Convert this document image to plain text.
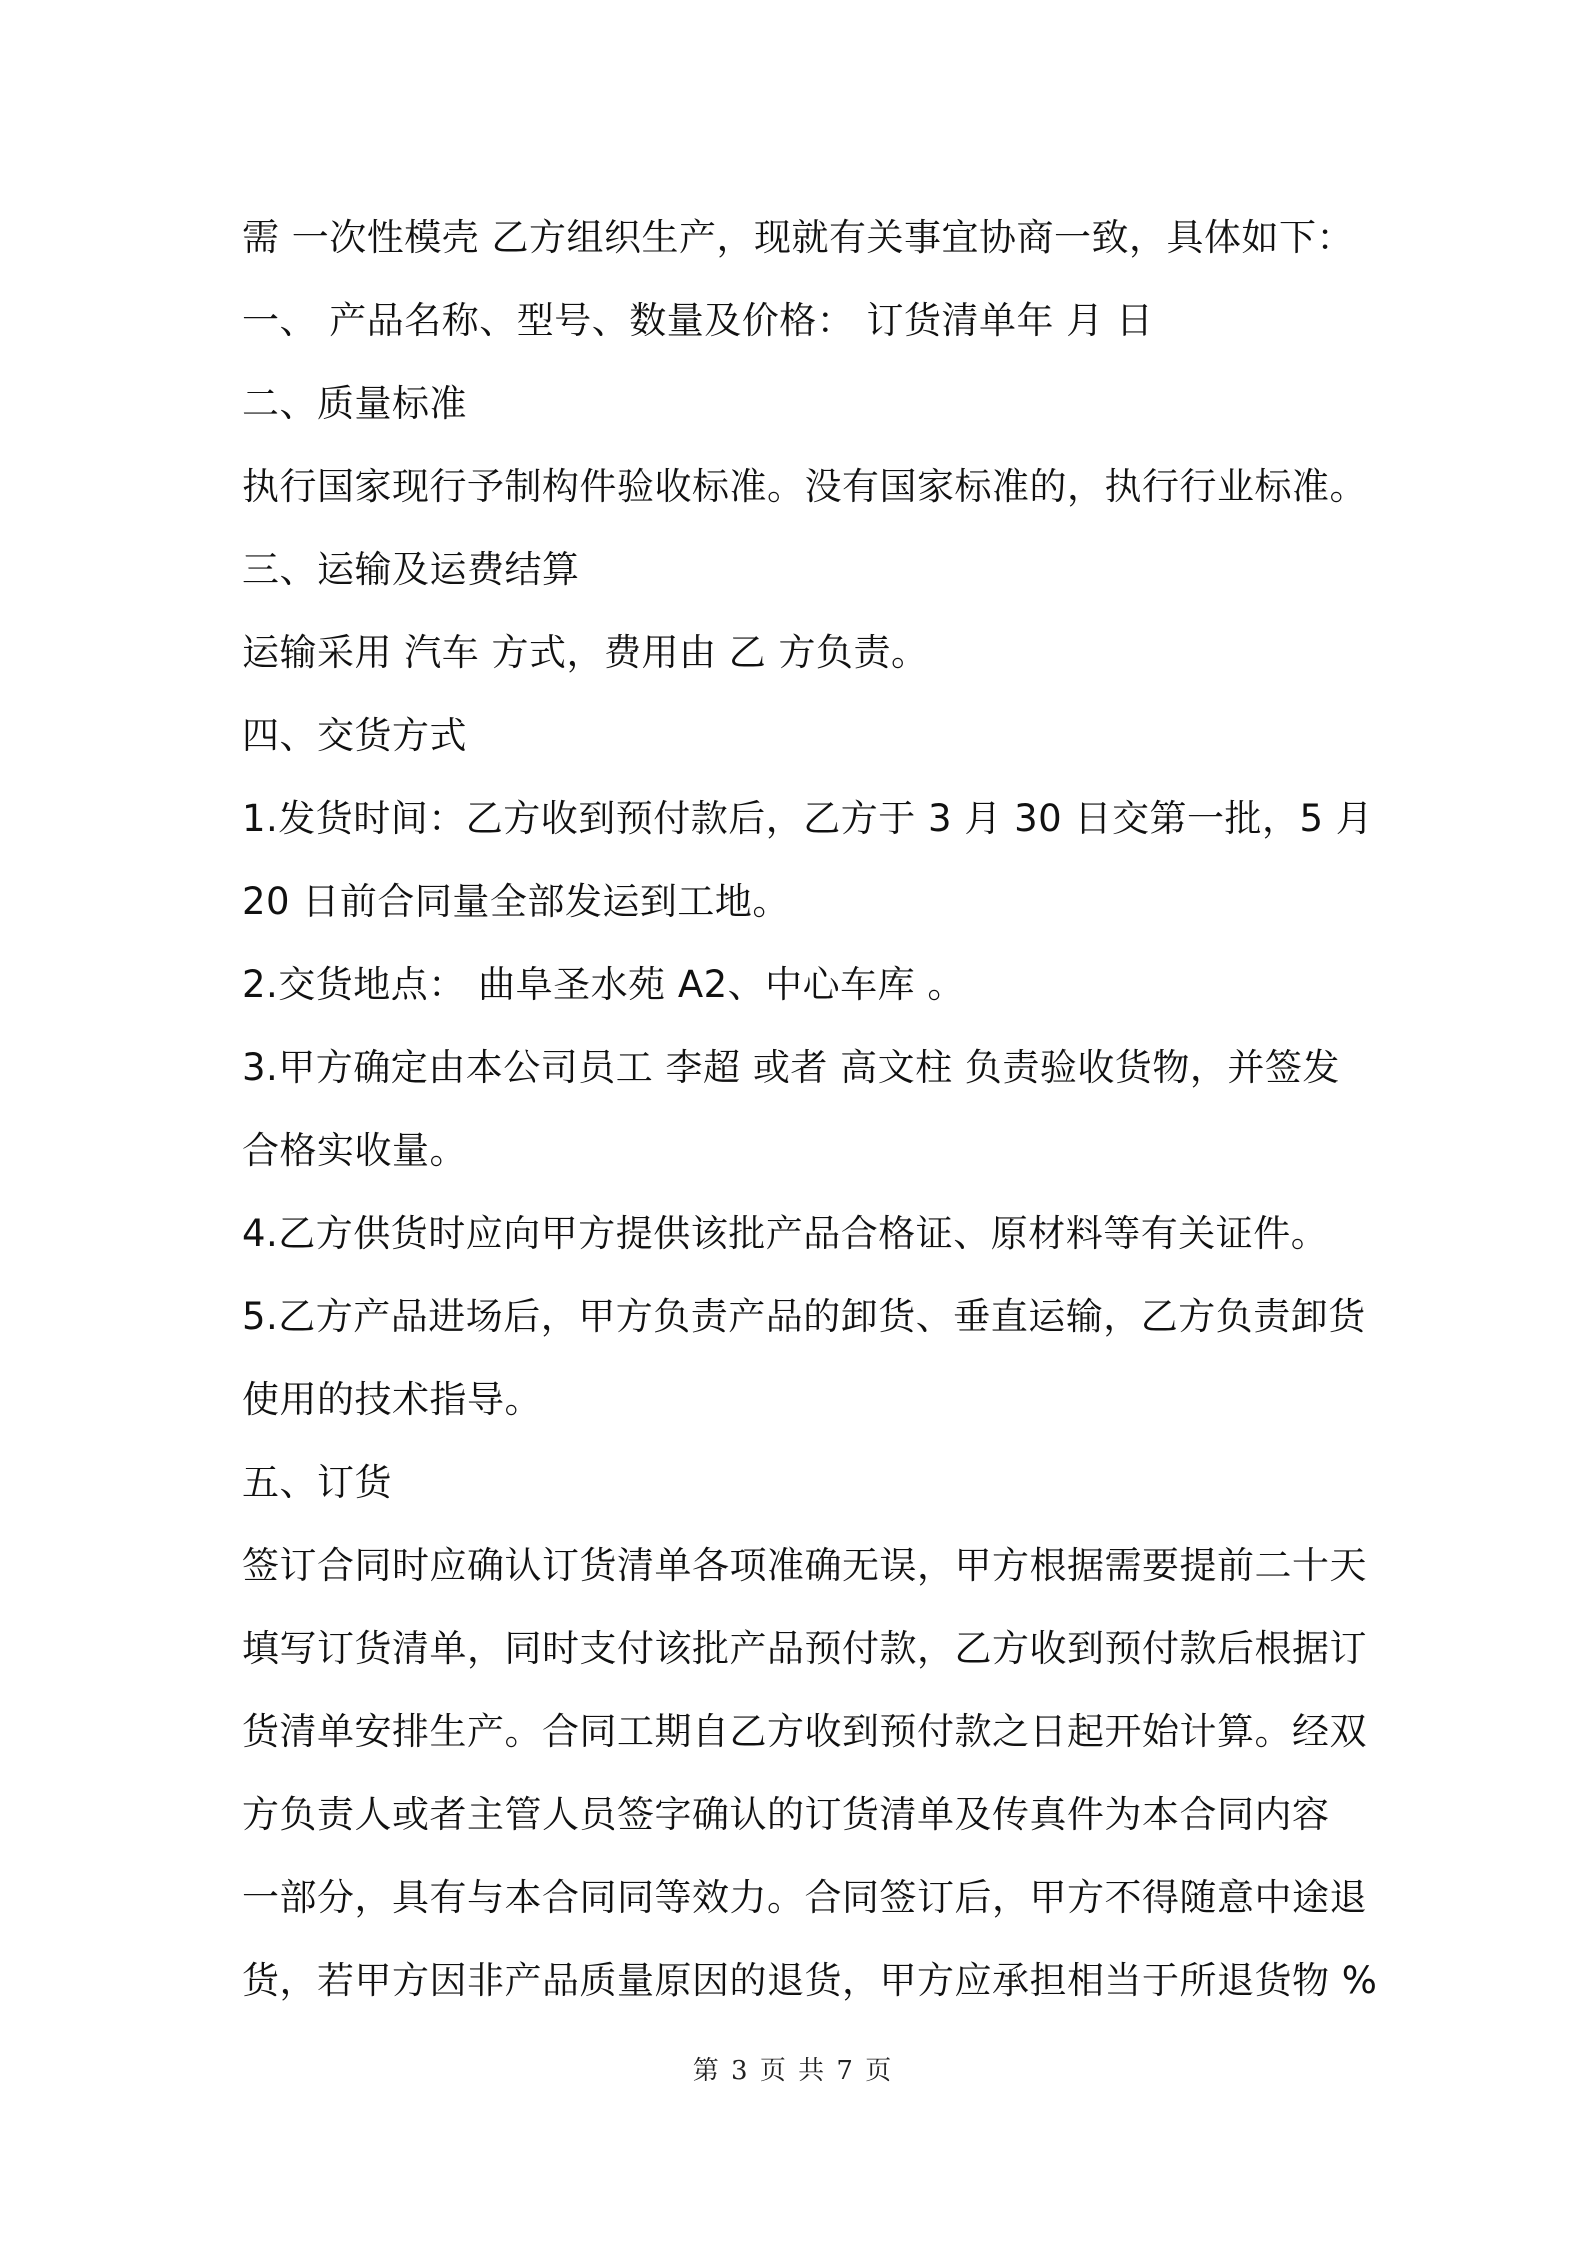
需 一次性模壳 乙方组织生产，现就有关事宜协商一致，具体如下：
一、 产品名称、型号、数量及价格： 订货清单年 月 日
二、质量标准
执行国家现行予制构件验收标准。没有国家标准的，执行行业标准。
三、运输及运费结算
运输采用 汽车 方式，费用由 乙 方负责。
四、交货方式
1.发货时间：乙方收到预付款后，乙方于 3 月 30 日交第一批，5 月
20 日前合同量全部发运到工地。
2.交货地点： 曲阜圣水苑 A2、中心车库 。
3.甲方确定由本公司员工 李超 或者 高文柱 负责验收货物，并签发
合格实收量。
4.乙方供货时应向甲方提供该批产品合格证、原材料等有关证件。
5.乙方产品进场后，甲方负责产品的卸货、垂直运输，乙方负责卸货
使用的技术指导。
五、订货
签订合同时应确认订货清单各项准确无误，甲方根据需要提前二十天
填写订货清单，同时支付该批产品预付款，乙方收到预付款后根据订
货清单安排生产。合同工期自乙方收到预付款之日起开始计算。经双
方负责人或者主管人员签字确认的订货清单及传真件为本合同内容
一部分，具有与本合同同等效力。合同签订后，甲方不得随意中途退
货，若甲方因非产品质量原因的退货，甲方应承担相当于所退货物 %
第 3 页 共 7 页
